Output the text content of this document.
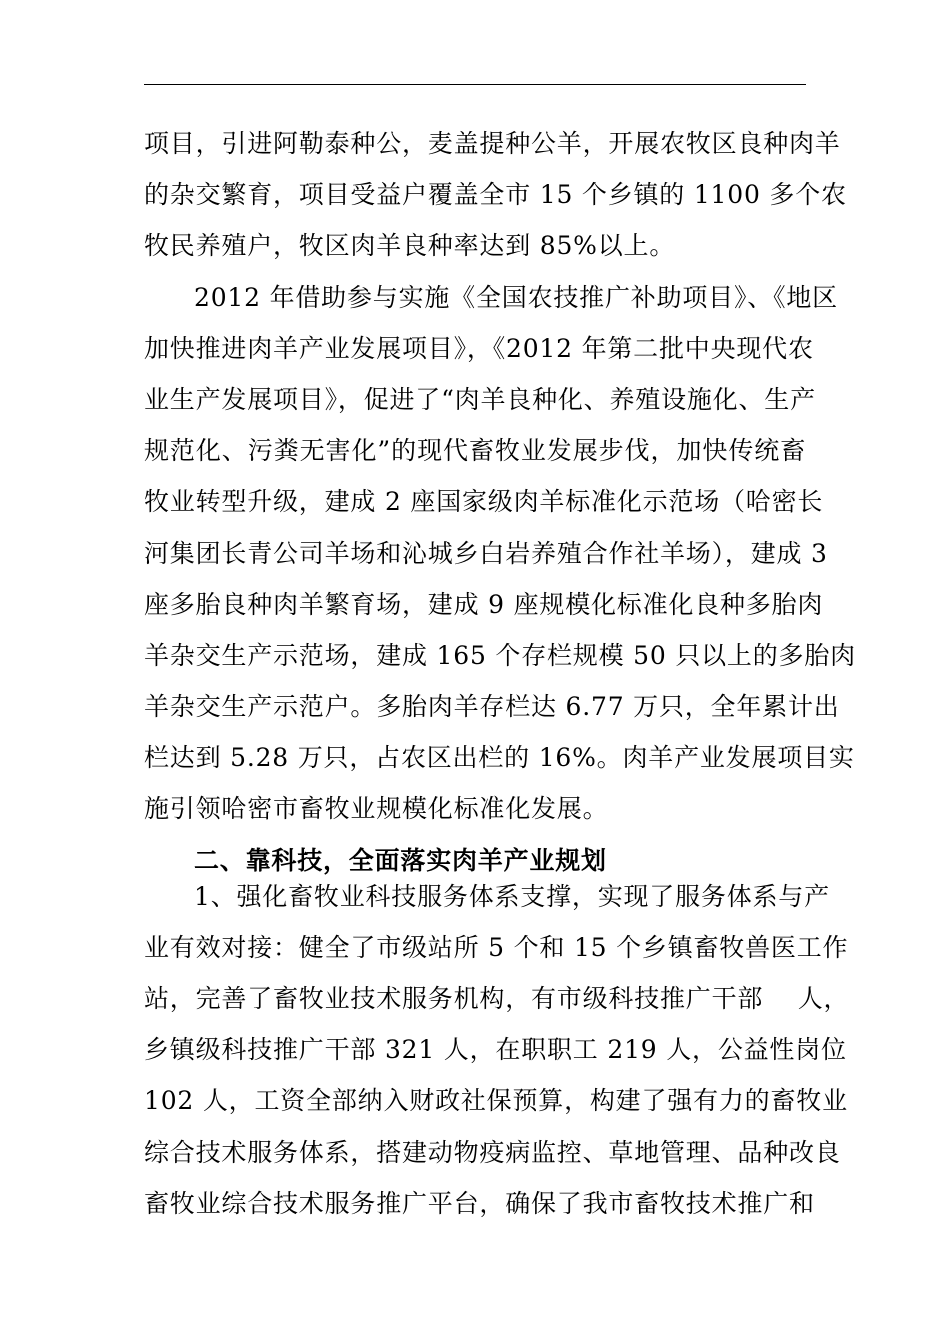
项目，引进阿勒泰种公，麦盖提种公羊，开展农牧区良种肉羊
的杂交繁育，项目受益户覆盖全市 15 个乡镇的 1100 多个农
牧民养殖户，牧区肉羊良种率达到 85%以上。
2012 年借助参与实施《全国农技推广补助项目》、《地区
加快推进肉羊产业发展项目》，《2012 年第二批中央现代农
业生产发展项目》，促进了“肉羊良种化、养殖设施化、生产
规范化、污粪无害化”的现代畜牧业发展步伐，加快传统畜
牧业转型升级，建成 2 座国家级肉羊标准化示范场（哈密长
河集团长青公司羊场和沁城乡白岩养殖合作社羊场），建成 3
座多胎良种肉羊繁育场，建成 9 座规模化标准化良种多胎肉
羊杂交生产示范场，建成 165 个存栏规模 50 只以上的多胎肉
羊杂交生产示范户。多胎肉羊存栏达 6.77 万只，全年累计出
栏达到 5.28 万只，占农区出栏的 16%。肉羊产业发展项目实
施引领哈密市畜牧业规模化标准化发展。
二、靠科技，全面落实肉羊产业规划
1、强化畜牧业科技服务体系支撑，实现了服务体系与产
业有效对接：健全了市级站所 5 个和 15 个乡镇畜牧兽医工作
站，完善了畜牧业技术服务机构，有市级科技推广干部　 人，
乡镇级科技推广干部 321 人，在职职工 219 人，公益性岗位
102 人，工资全部纳入财政社保预算，构建了强有力的畜牧业
综合技术服务体系，搭建动物疫病监控、草地管理、品种改良
畜牧业综合技术服务推广平台，确保了我市畜牧技术推广和
